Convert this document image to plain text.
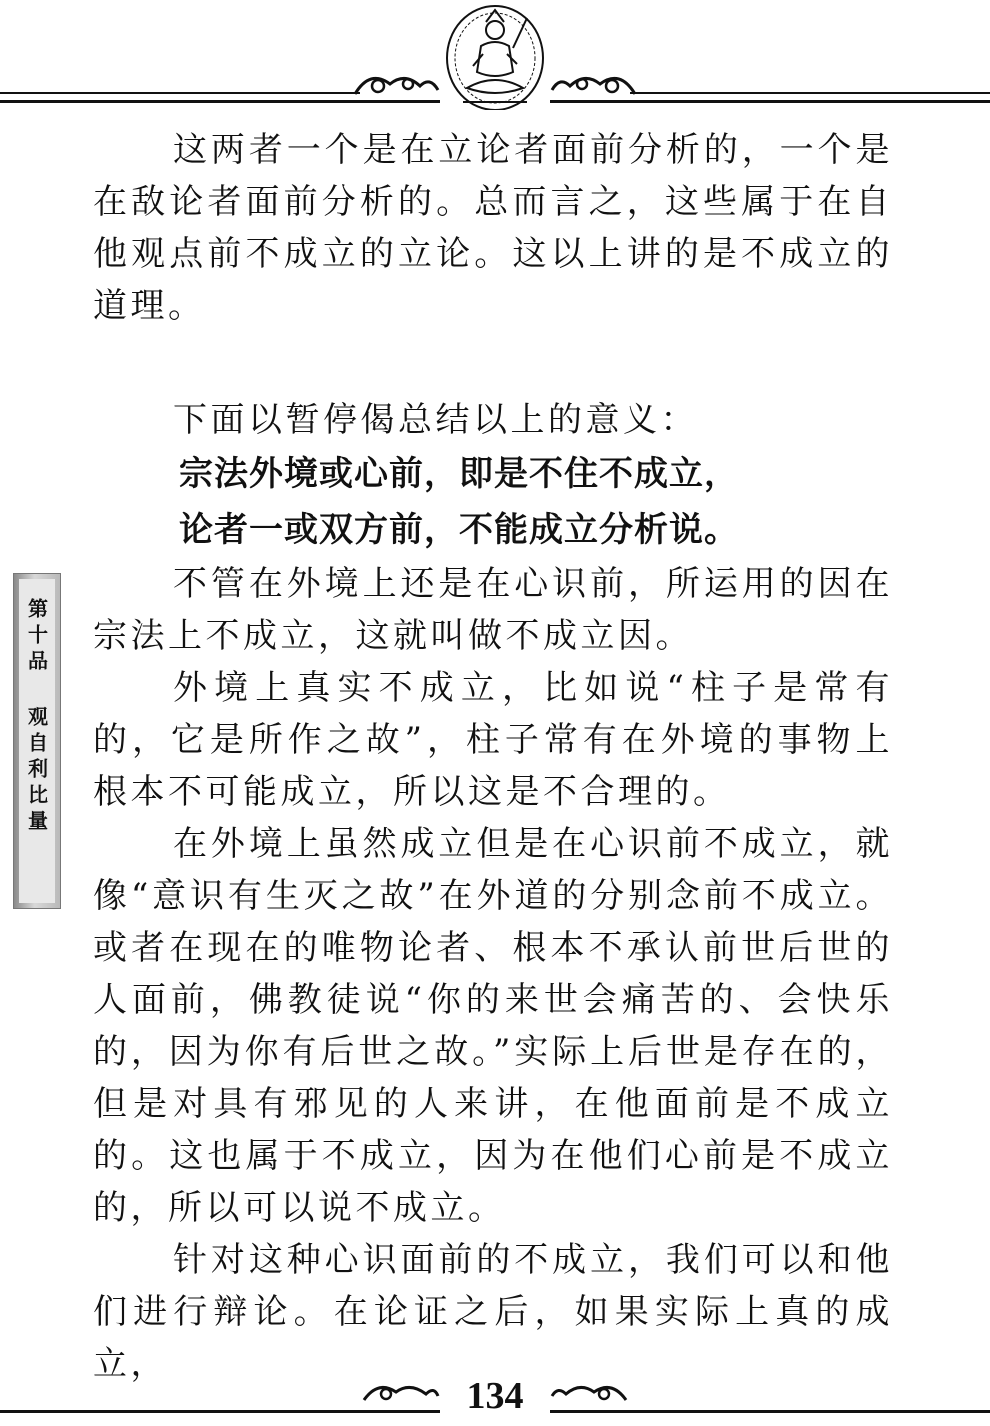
这两者一个是在立论者面前分析的，一个是在敌论者面前分析的。总而言之，这些属于在自他观点前不成立的立论。这以上讲的是不成立的道理。

下面以暂停偈总结以上的意义：

宗法外境或心前，即是不住不成立，

论者一或双方前，不能成立分析说。

不管在外境上还是在心识前，所运用的因在宗法上不成立，这就叫做不成立因。

外境上真实不成立，比如说“柱子是常有的，它是所作之故”，柱子常有在外境的事物上根本不可能成立，所以这是不合理的。

在外境上虽然成立但是在心识前不成立，就像“意识有生灭之故”在外道的分别念前不成立。或者在现在的唯物论者、根本不承认前世后世的人面前，佛教徒说“你的来世会痛苦的、会快乐的，因为你有后世之故。”实际上后世是存在的，但是对具有邪见的人来讲，在他面前是不成立的。这也属于不成立，因为在他们心前是不成立的，所以可以说不成立。

针对这种心识面前的不成立，我们可以和他们进行辩论。在论证之后，如果实际上真的成立，

第十品 观自利比量
134
